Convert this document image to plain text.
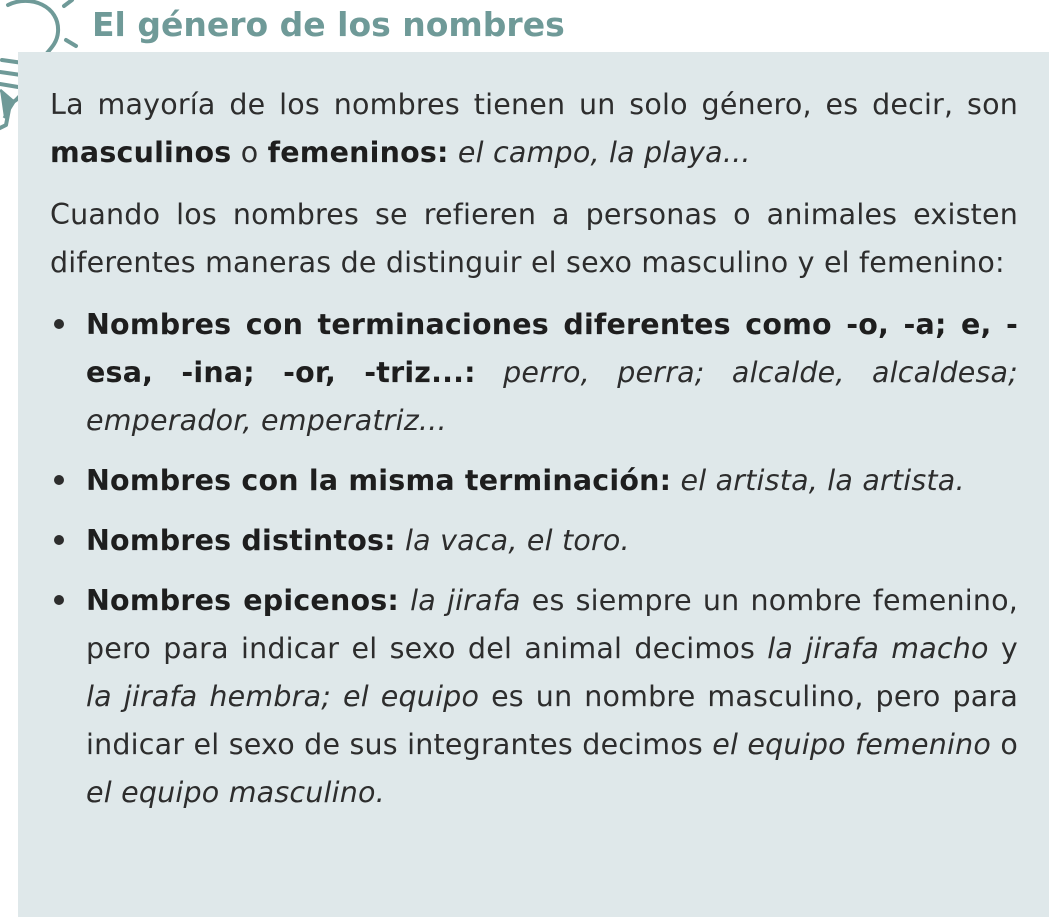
El género de los nombres

La mayoría de los nombres tienen un solo género, es decir, son masculinos o femeninos: el campo, la playa...

Cuando los nombres se refieren a personas o animales existen diferentes maneras de distinguir el sexo masculino y el femenino:

Nombres con terminaciones diferentes como -o, -a; e, -esa, -ina; -or, -triz...: perro, perra; alcalde, alcaldesa; emperador, emperatriz...
Nombres con la misma terminación: el artista, la artista.
Nombres distintos: la vaca, el toro.
Nombres epicenos: la jirafa es siempre un nombre femenino, pero para indicar el sexo del animal decimos la jirafa macho y la jirafa hembra; el equipo es un nombre masculino, pero para indicar el sexo de sus integrantes decimos el equipo femenino o el equipo masculino.
